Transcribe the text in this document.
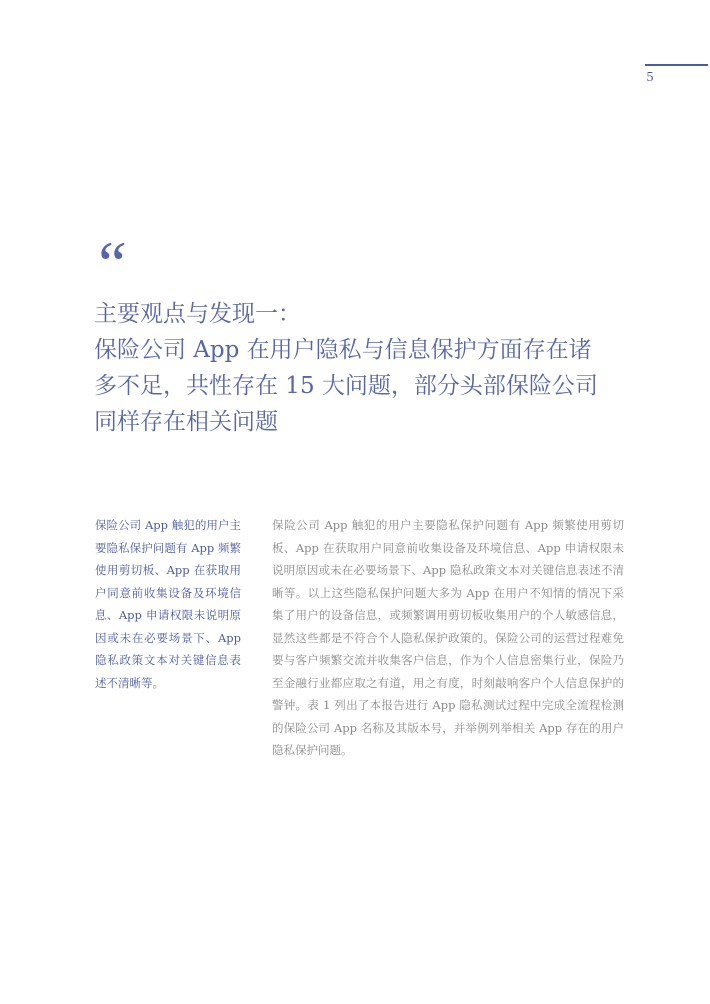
5
“
主要观点与发现一：
保险公司 App 在用户隐私与信息保护方面存在诸
多不足，共性存在 15 大问题，部分头部保险公司
同样存在相关问题
保险公司 App 触犯的用户主要隐私保护问题有 App 频繁使用剪切板、App 在获取用户同意前收集设备及环境信息、App 申请权限未说明原因或未在必要场景下、App 隐私政策文本对关键信息表述不清晰等。
保险公司 App 触犯的用户主要隐私保护问题有 App 频繁使用剪切板、App 在获取用户同意前收集设备及环境信息、App 申请权限未说明原因或未在必要场景下、App 隐私政策文本对关键信息表述不清晰等。以上这些隐私保护问题大多为 App 在用户不知情的情况下采集了用户的设备信息，或频繁调用剪切板收集用户的个人敏感信息，显然这些都是不符合个人隐私保护政策的。保险公司的运营过程难免要与客户频繁交流并收集客户信息，作为个人信息密集行业，保险乃至金融行业都应取之有道，用之有度，时刻敲响客户个人信息保护的警钟。表 1 列出了本报告进行 App 隐私测试过程中完成全流程检测的保险公司 App 名称及其版本号，并举例列举相关 App 存在的用户隐私保护问题。
